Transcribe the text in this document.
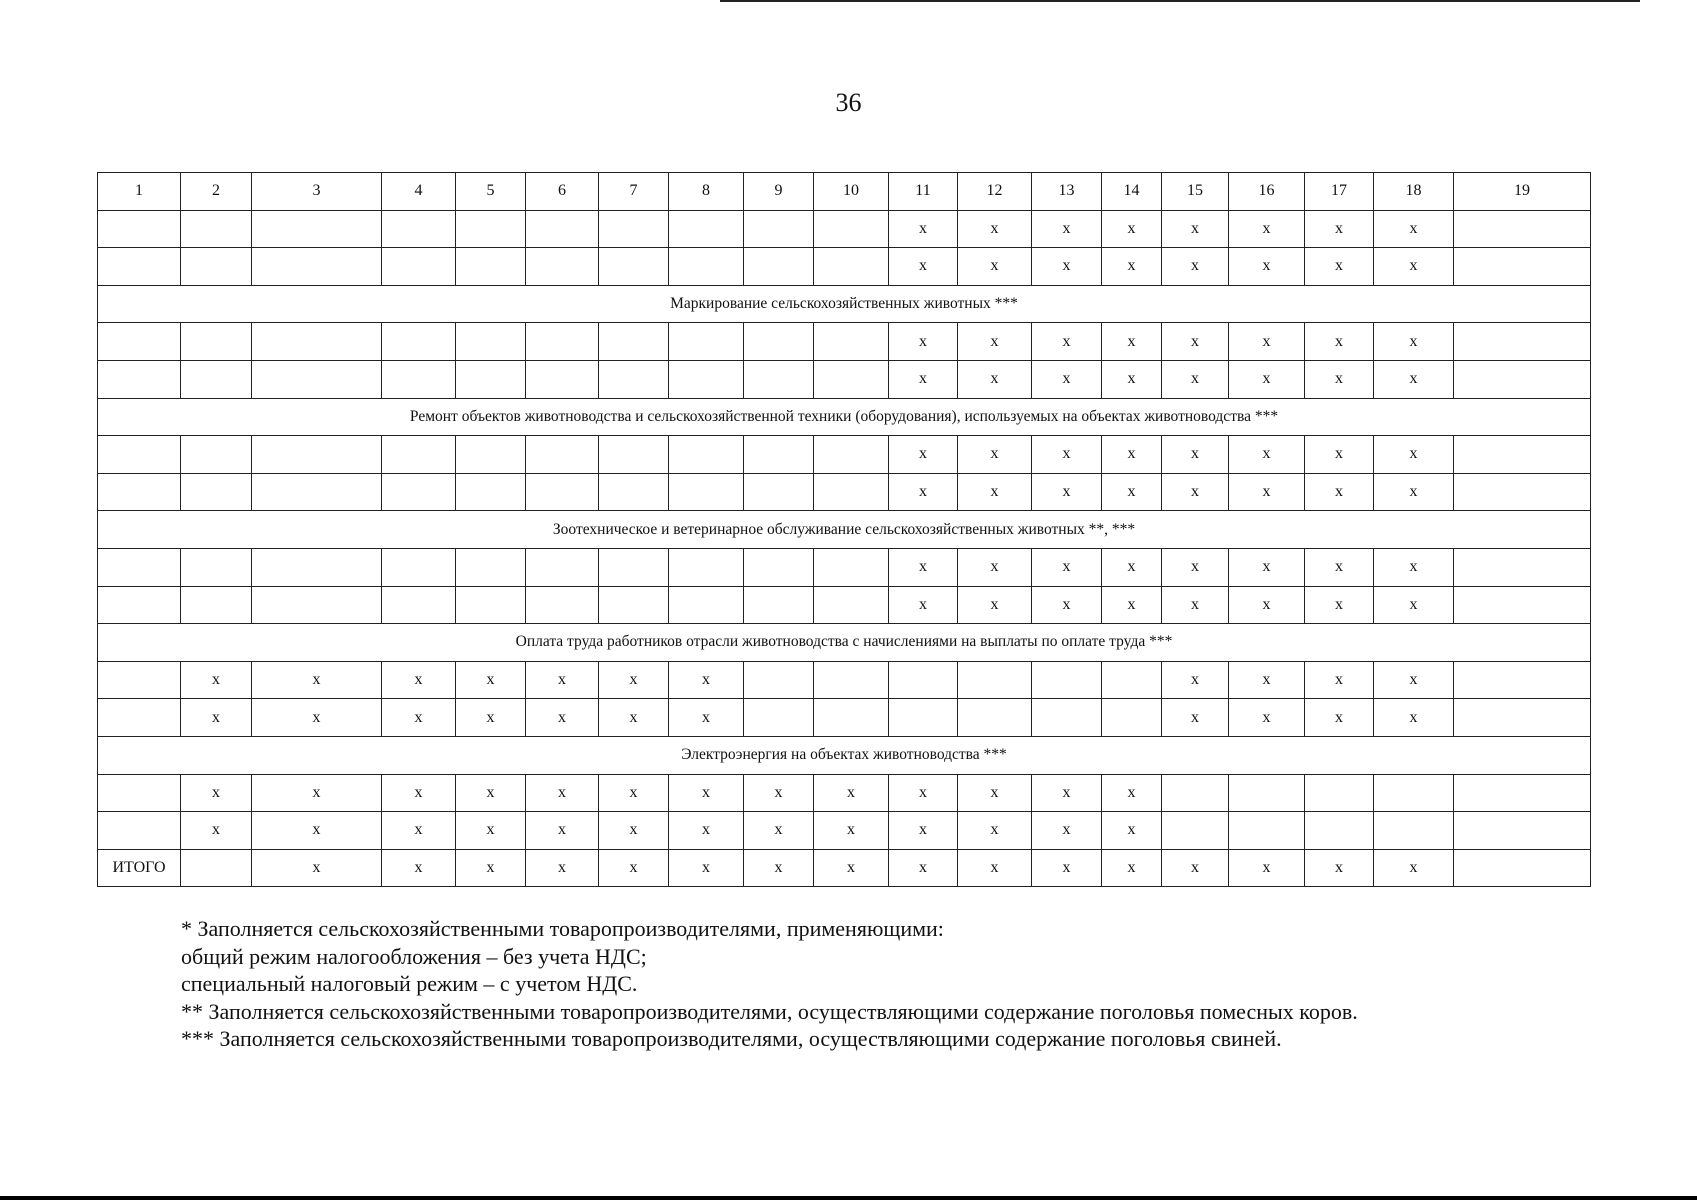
36
1	2	3	4	5	6	7	8	9	10	11	12	13	14	15	16	17	18	19
										x	x	x	x	x	x	x	x	
										x	x	x	x	x	x	x	x	
Маркирование сельскохозяйственных животных ***																		
										x	x	x	x	x	x	x	x	
										x	x	x	x	x	x	x	x	
Ремонт объектов животноводства и сельскохозяйственной техники (оборудования), используемых на объектах животноводства ***																		
										x	x	x	x	x	x	x	x	
										x	x	x	x	x	x	x	x	
Зоотехническое и ветеринарное обслуживание сельскохозяйственных животных **, ***																		
										x	x	x	x	x	x	x	x	
										x	x	x	x	x	x	x	x	
Оплата труда работников отрасли животноводства с начислениями на выплаты по оплате труда ***																		
	x	x	x	x	x	x	x							x	x	x	x	
	x	x	x	x	x	x	x							x	x	x	x	
Электроэнергия на объектах животноводства ***																		
	x	x	x	x	x	x	x	x	x	x	x	x	x					
	x	x	x	x	x	x	x	x	x	x	x	x	x					
ИТОГО		x	x	x	x	x	x	x	x	x	x	x	x	x	x	x	x	
* Заполняется сельскохозяйственными товаропроизводителями, применяющими:
общий режим налогообложения – без учета НДС;
специальный налоговый режим – с учетом НДС.
** Заполняется сельскохозяйственными товаропроизводителями, осуществляющими содержание поголовья помесных коров.
*** Заполняется сельскохозяйственными товаропроизводителями, осуществляющими содержание поголовья свиней.
